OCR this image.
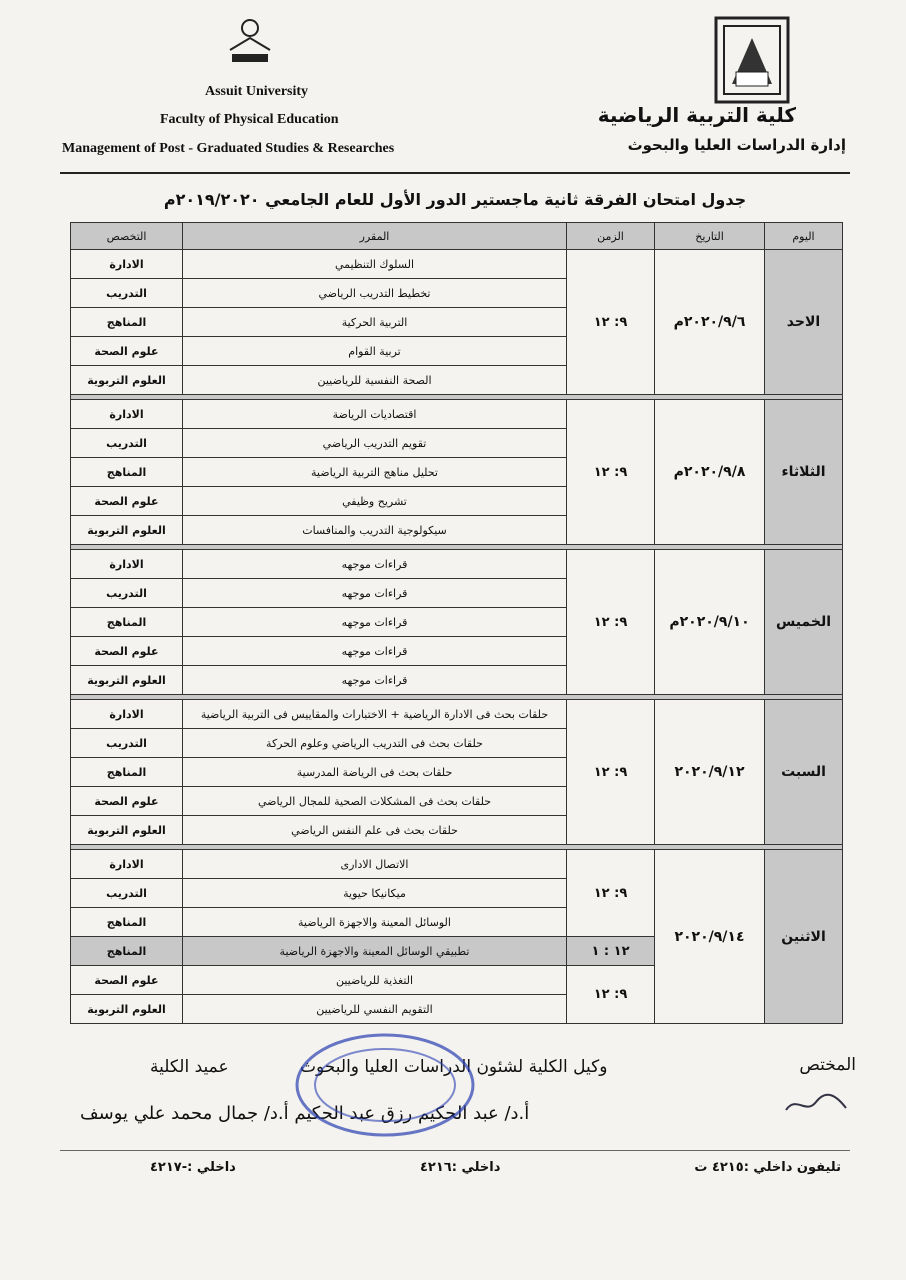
Assuit University
Faculty of Physical Education
Management of Post - Graduated Studies & Researches
كلية التربية الرياضية
إدارة الدراسات العليا والبحوث
جدول امتحان الفرقة ثانية ماجستير الدور الأول للعام الجامعي ٢٠١٩/٢٠٢٠م
اليوم	التاريخ	الزمن	المقرر	التخصص
الاحد	٢٠٢٠/٩/٦م	٩: ١٢	السلوك التنظيمي	الادارة
			تخطيط التدريب الرياضي	التدريب
			التربية الحركية	المناهج
			تربية القوام	علوم الصحة
			الصحة النفسية للرياضيين	العلوم التربوية

الثلاثاء	٢٠٢٠/٩/٨م	٩: ١٢	اقتصاديات الرياضة	الادارة
			تقويم التدريب الرياضي	التدريب
			تحليل مناهج التربية الرياضية	المناهج
			تشريح وظيفي	علوم الصحة
			سيكولوجية التدريب والمنافسات	العلوم التربوية

الخميس	٢٠٢٠/٩/١٠م	٩: ١٢	قراءات موجهه	الادارة
			قراءات موجهه	التدريب
			قراءات موجهه	المناهج
			قراءات موجهه	علوم الصحة
			قراءات موجهه	العلوم التربوية

السبت	٢٠٢٠/٩/١٢	٩: ١٢	حلقات بحث فى الادارة الرياضية + الاختبارات والمقاييس فى التربية الرياضية	الادارة
			حلقات بحث فى التدريب الرياضي وعلوم الحركة	التدريب
			حلقات بحث فى الرياضة المدرسية	المناهج
			حلقات بحث فى المشكلات الصحية للمجال الرياضي	علوم الصحة
			حلقات بحث فى علم النفس الرياضي	العلوم التربوية

الاثنين	٢٠٢٠/٩/١٤	٩: ١٢	الاتصال الادارى	الادارة
			ميكانيكا حيوية	التدريب
			الوسائل المعينة والاجهزة الرياضية	المناهج
		١٢ : ١	تطبيقي الوسائل المعينة والاجهزة الرياضية	المناهج
		٩: ١٢	التغذية للرياضيين	علوم الصحة
			التقويم النفسي للرياضيين	العلوم التربوية
المختص
وكيل الكلية لشئون الدراسات العليا والبحوث
عميد الكلية
أ.د/ عبد الحكيم رزق عبد الحكيم أ.د/ جمال محمد علي يوسف
تليفون داخلي :٤٢١٥ ت
داخلي :٤٢١٦
داخلي :-٤٢١٧
